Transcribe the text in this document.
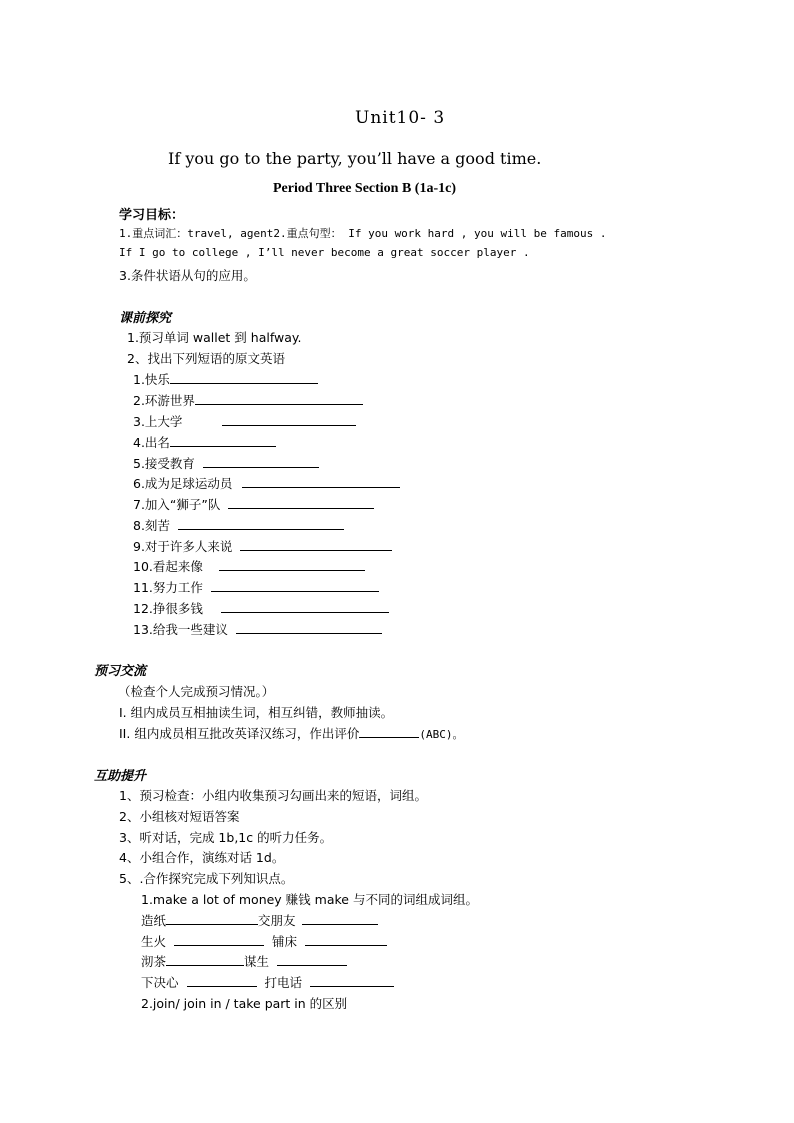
Unit10- 3
If you go to the party, you’ll have a good time.
Period Three Section B (1a-1c)
学习目标：
1.重点词汇：travel, agent2.重点句型： If you work hard , you will be famous .
If I go to college , I’ll never become a great soccer player .
3.条件状语从句的应用。
课前探究
1.预习单词 wallet 到 halfway.
2、找出下列短语的原文英语
1.快乐
2.环游世界
3.上大学
4.出名
5.接受教育
6.成为足球运动员
7.加入“狮子”队
8.刻苦
9.对于许多人来说
10.看起来像
11.努力工作
12.挣很多钱
13.给我一些建议
预习交流
（检查个人完成预习情况。）
I. 组内成员互相抽读生词，相互纠错，教师抽读。
II. 组内成员相互批改英译汉练习，作出评价	(ABC)。
互助提升
1、预习检查：小组内收集预习勾画出来的短语，词组。
2、小组核对短语答案
3、听对话，完成 1b,1c 的听力任务。
4、小组合作，演练对话 1d。
5、.合作探究完成下列知识点。
1.make a lot of money 赚钱 make 与不同的词组成词组。
造纸	交朋友
生火	铺床
沏茶	谋生
下决心	打电话
2.join/ join in / take part in 的区别
